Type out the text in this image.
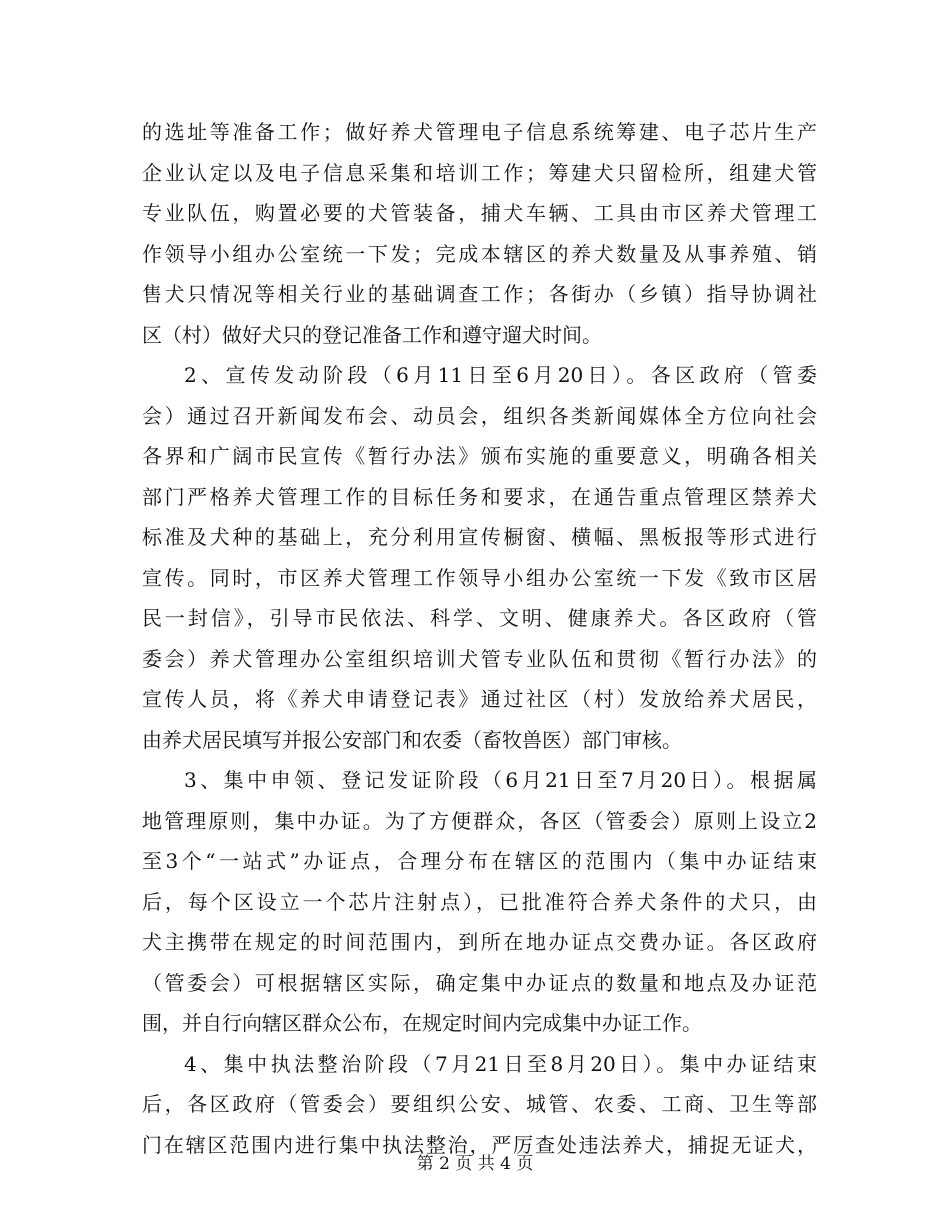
的选址等准备工作；做好养犬管理电子信息系统筹建、电子芯片生产
企业认定以及电子信息采集和培训工作；筹建犬只留检所，组建犬管
专业队伍，购置必要的犬管装备，捕犬车辆、工具由市区养犬管理工
作领导小组办公室统一下发；完成本辖区的养犬数量及从事养殖、销
售犬只情况等相关行业的基础调查工作；各街办（乡镇）指导协调社
区（村）做好犬只的登记准备工作和遵守遛犬时间。
2、宣传发动阶段（6月11日至6月20日）。各区政府（管委
会）通过召开新闻发布会、动员会，组织各类新闻媒体全方位向社会
各界和广阔市民宣传《暂行办法》颁布实施的重要意义，明确各相关
部门严格养犬管理工作的目标任务和要求，在通告重点管理区禁养犬
标准及犬种的基础上，充分利用宣传橱窗、横幅、黑板报等形式进行
宣传。同时，市区养犬管理工作领导小组办公室统一下发《致市区居
民一封信》，引导市民依法、科学、文明、健康养犬。各区政府（管
委会）养犬管理办公室组织培训犬管专业队伍和贯彻《暂行办法》的
宣传人员，将《养犬申请登记表》通过社区（村）发放给养犬居民，
由养犬居民填写并报公安部门和农委（畜牧兽医）部门审核。
3、集中申领、登记发证阶段（6月21日至7月20日）。根据属
地管理原则，集中办证。为了方便群众，各区（管委会）原则上设立2
至3个“一站式”办证点，合理分布在辖区的范围内（集中办证结束
后，每个区设立一个芯片注射点），已批准符合养犬条件的犬只，由
犬主携带在规定的时间范围内，到所在地办证点交费办证。各区政府
（管委会）可根据辖区实际，确定集中办证点的数量和地点及办证范
围，并自行向辖区群众公布，在规定时间内完成集中办证工作。
4、集中执法整治阶段（7月21日至8月20日）。集中办证结束
后，各区政府（管委会）要组织公安、城管、农委、工商、卫生等部
门在辖区范围内进行集中执法整治，严厉查处违法养犬，捕捉无证犬，
第 2 页 共 4 页
